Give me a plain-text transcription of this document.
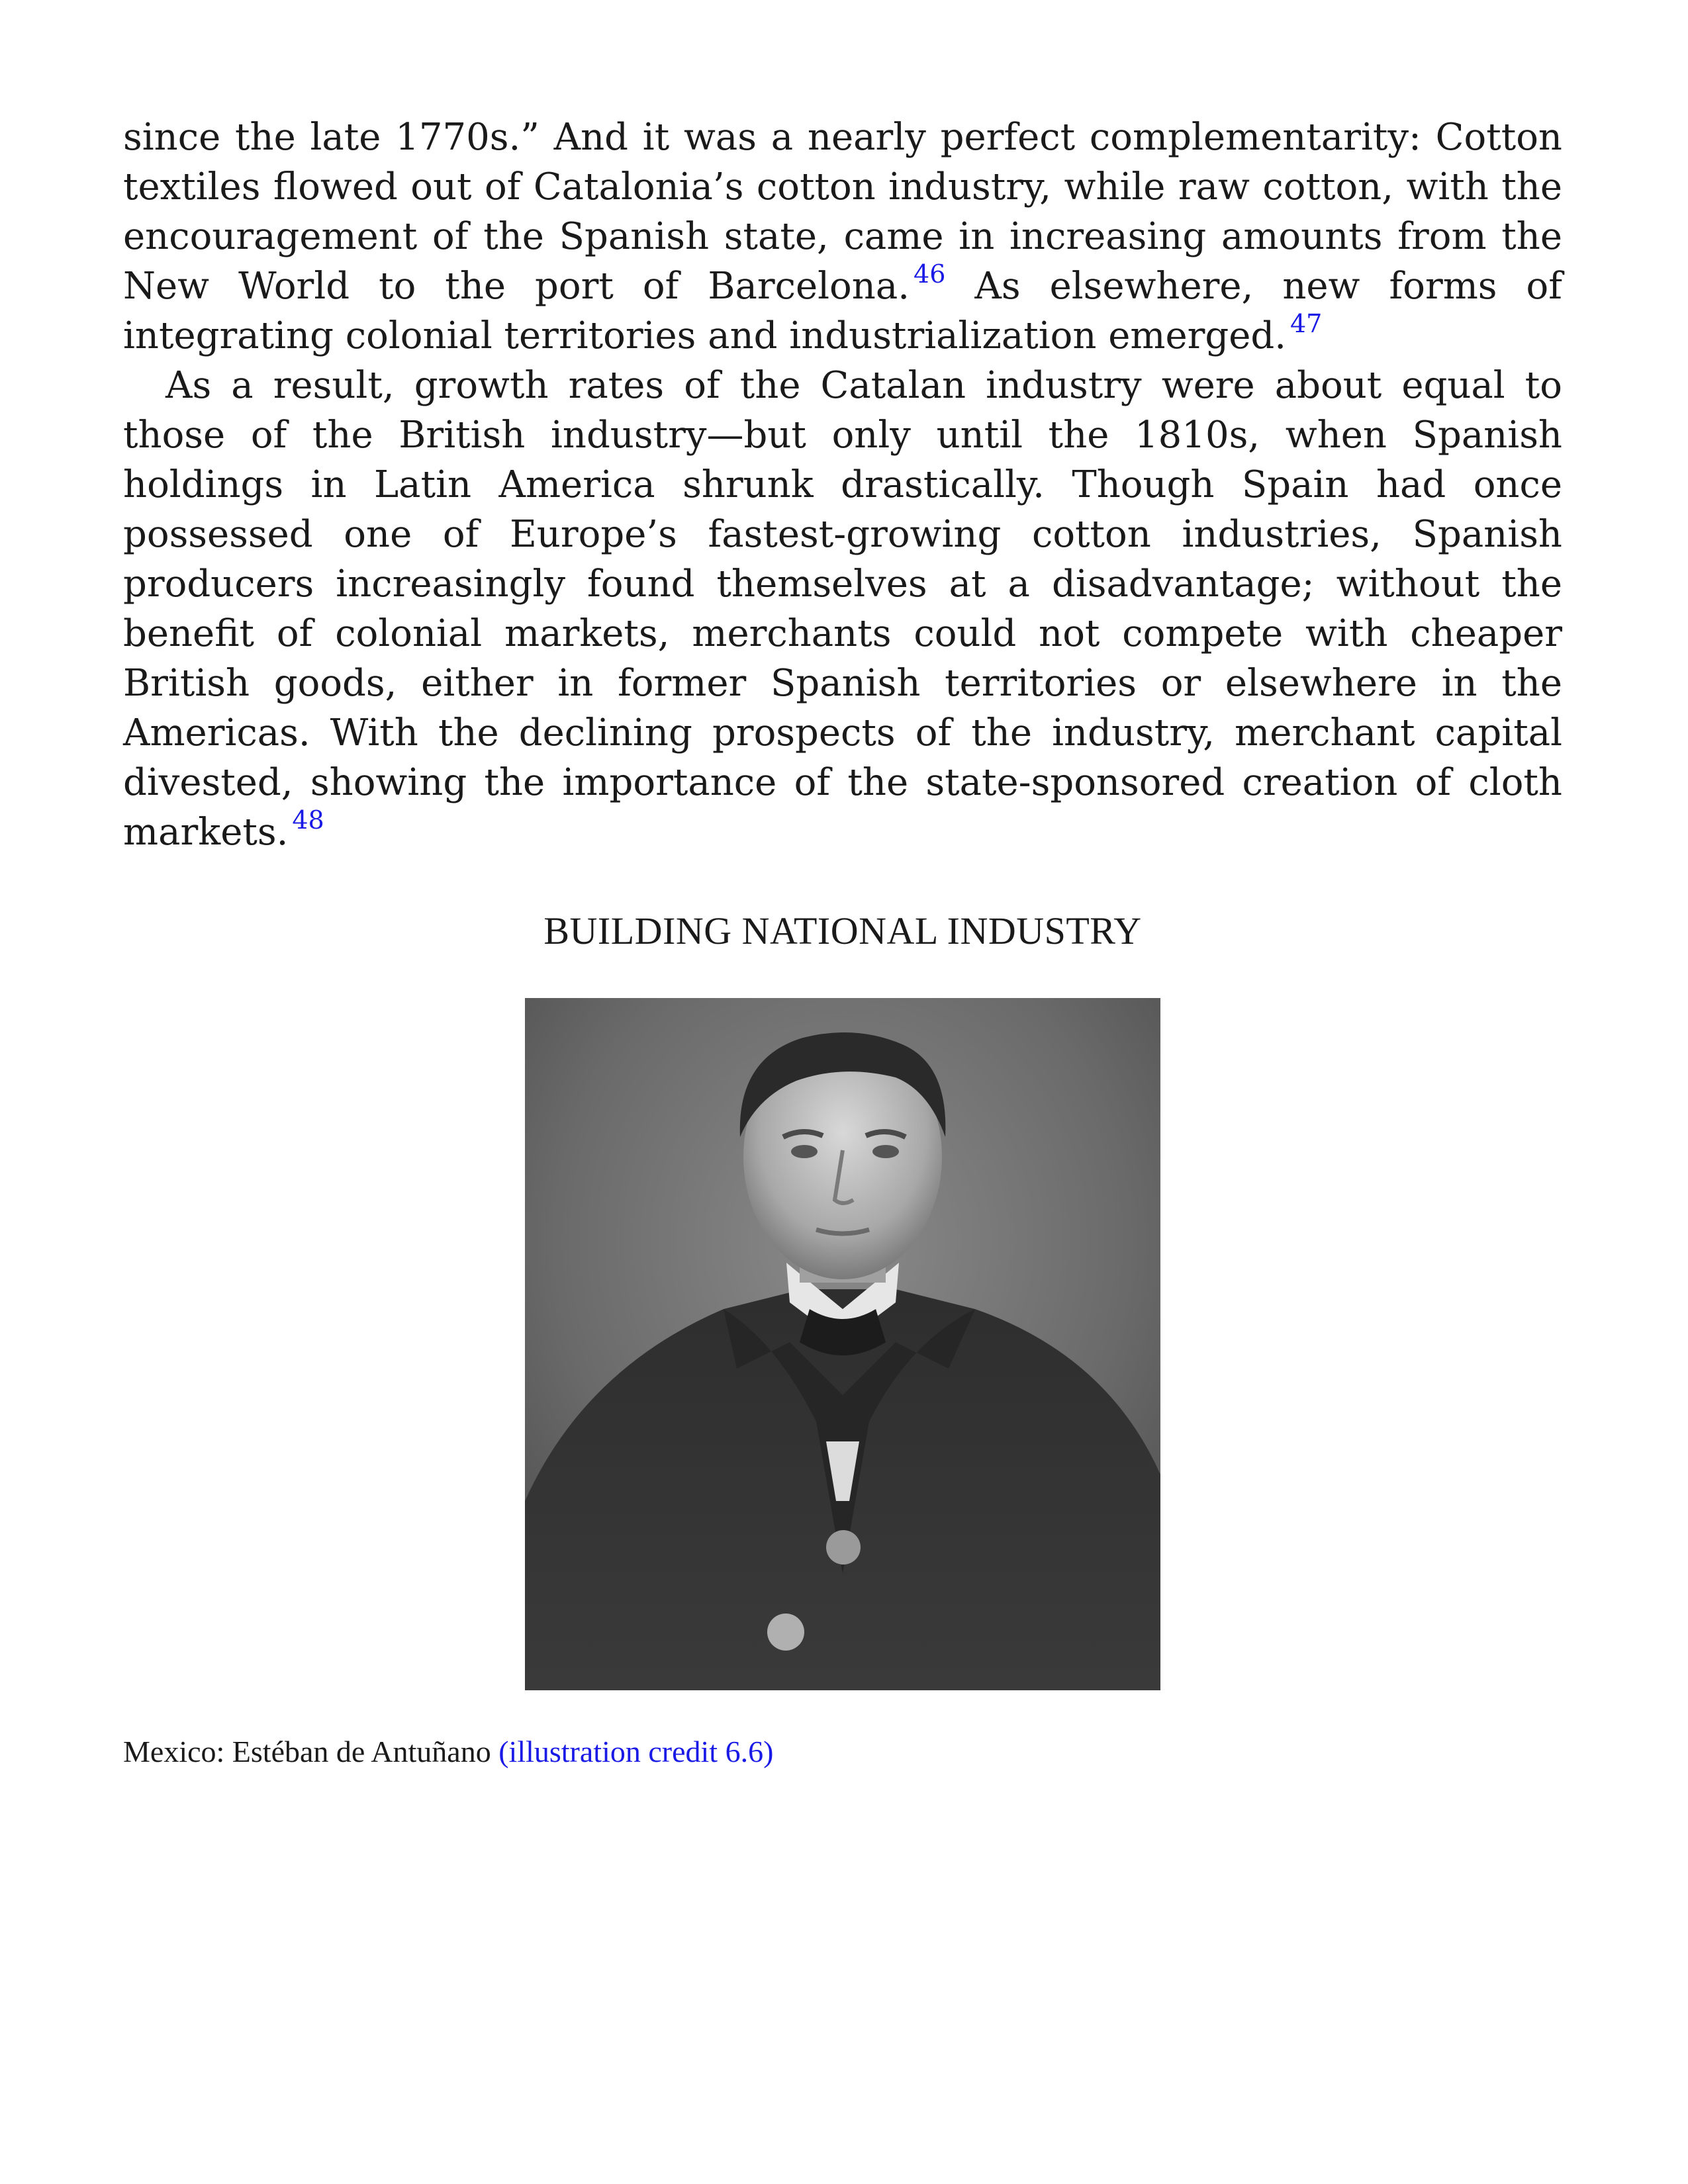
since the late 1770s.” And it was a nearly perfect complementarity: Cotton textiles flowed out of Catalonia’s cotton industry, while raw cotton, with the encouragement of the Spanish state, came in increasing amounts from the New World to the port of Barcelona. $^{46}$ As elsewhere, new forms of integrating colonial territories and industrialization emerged. $^{47}$

As a result, growth rates of the Catalan industry were about equal to those of the British industry—but only until the 1810s, when Spanish holdings in Latin America shrunk drastically. Though Spain had once possessed one of Europe’s fastest-growing cotton industries, Spanish producers increasingly found themselves at a disadvantage; without the benefit of colonial markets, merchants could not compete with cheaper British goods, either in former Spanish territories or elsewhere in the Americas. With the declining prospects of the industry, merchant capital divested, showing the importance of the state-sponsored creation of cloth markets. $^{48}$

BUILDING NATIONAL INDUSTRY
Mexico: Estéban de Antuñano (illustration credit 6.6)
